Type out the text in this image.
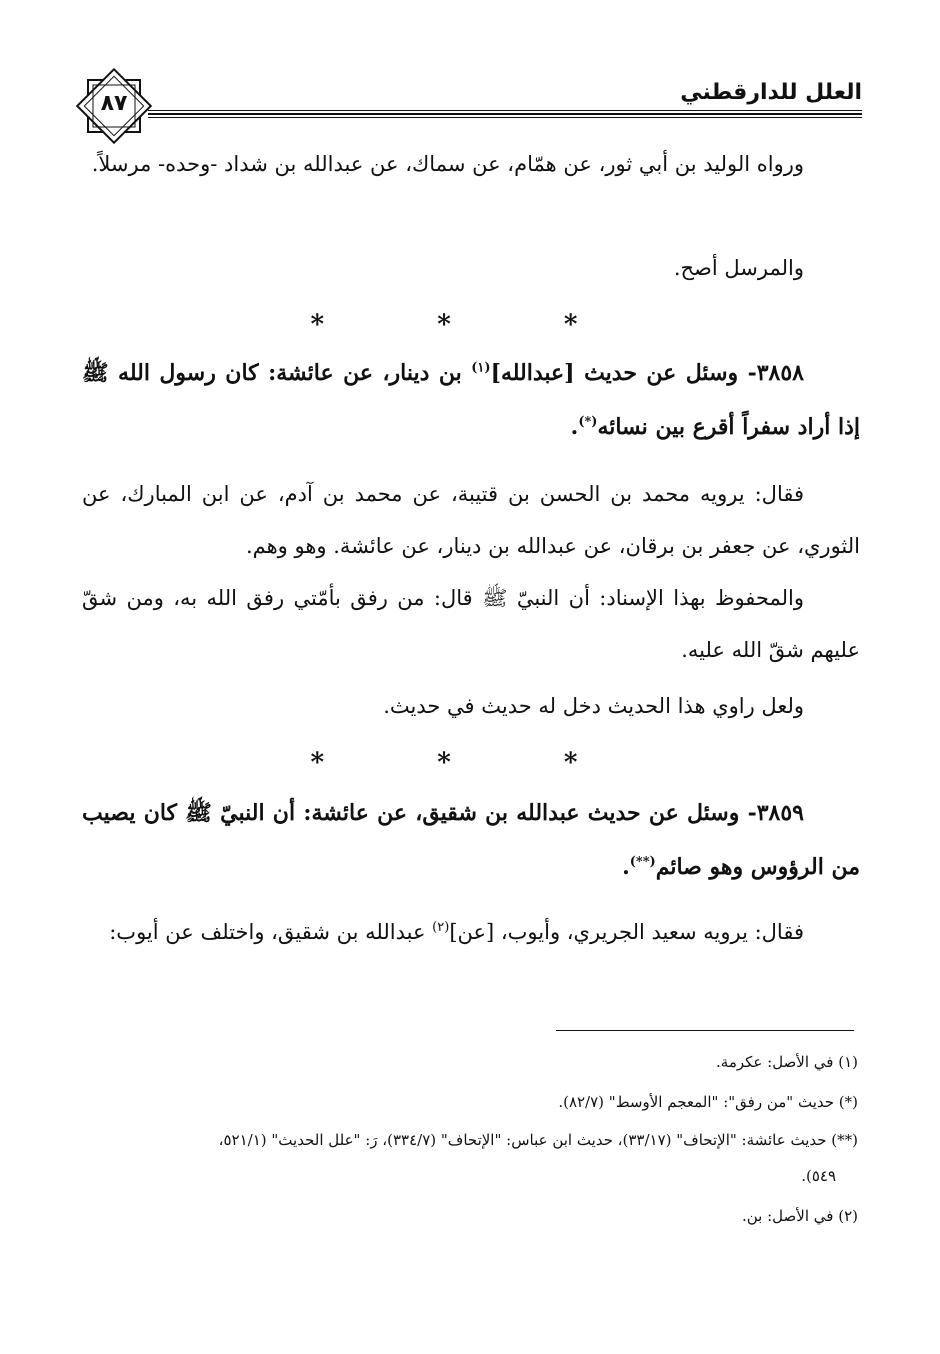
العلل للدارقطني
٨٧
ورواه الوليد بن أبي ثور، عن همّام، عن سماك، عن عبدالله بن شداد -وحده- مرسلاً.
والمرسل أصح.
* * *
٣٨٥٨- وسئل عن حديث [عبدالله]$^{(١)}$ بن دينار، عن عائشة: كان رسول الله ﷺ إذا أراد سفراً أقرع بين نسائه(*).
فقال: يرويه محمد بن الحسن بن قتيبة، عن محمد بن آدم، عن ابن المبارك، عن الثوري، عن جعفر بن برقان، عن عبدالله بن دينار، عن عائشة. وهو وهم.
والمحفوظ بهذا الإسناد: أن النبيّ ﷺ قال: من رفق بأمّتي رفق الله به، ومن شقّ عليهم شقّ الله عليه.
ولعل راوي هذا الحديث دخل له حديث في حديث.
* * *
٣٨٥٩- وسئل عن حديث عبدالله بن شقيق، عن عائشة: أن النبيّ ﷺ كان يصيب من الرؤوس وهو صائم(**).
فقال: يرويه سعيد الجريري، وأيوب، [عن]$^{(٢)}$ عبدالله بن شقيق، واختلف عن أيوب:
(١) في الأصل: عكرمة.
(*) حديث "من رفق": "المعجم الأوسط" (٨٢/٧).
(**) حديث عائشة: "الإتحاف" (٣٣/١٧)، حديث ابن عباس: "الإتحاف" (٣٣٤/٧)، رَ: "علل الحديث" (٥٢١/١،
٥٤٩).
(٢) في الأصل: بن.
